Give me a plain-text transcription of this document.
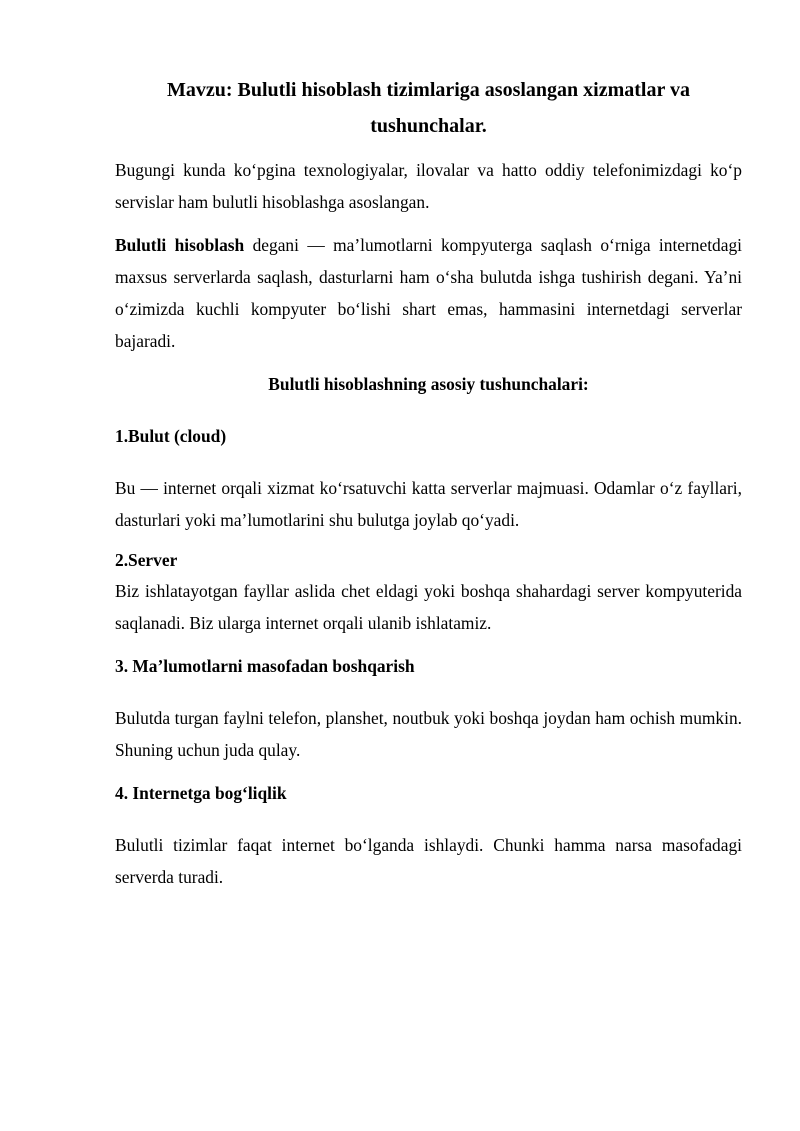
Mavzu: Bulutli hisoblash tizimlariga asoslangan xizmatlar va
tushunchalar.

Bugungi kunda ko‘pgina texnologiyalar, ilovalar va hatto oddiy telefonimizdagi ko‘p servislar ham bulutli hisoblashga asoslangan.

Bulutli hisoblash degani — ma’lumotlarni kompyuterga saqlash o‘rniga internetdagi maxsus serverlarda saqlash, dasturlarni ham o‘sha bulutda ishga tushirish degani. Ya’ni o‘zimizda kuchli kompyuter bo‘lishi shart emas, hammasini internetdagi serverlar bajaradi.

Bulutli hisoblashning asosiy tushunchalari:
1.Bulut (cloud)

Bu — internet orqali xizmat ko‘rsatuvchi katta serverlar majmuasi. Odamlar o‘z fayllari, dasturlari yoki ma’lumotlarini shu bulutga joylab qo‘yadi.

2.Server

Biz ishlatayotgan fayllar aslida chet eldagi yoki boshqa shahardagi server kompyuterida saqlanadi. Biz ularga internet orqali ulanib ishlatamiz.

3. Ma’lumotlarni masofadan boshqarish

Bulutda turgan faylni telefon, planshet, noutbuk yoki boshqa joydan ham ochish mumkin. Shuning uchun juda qulay.

4. Internetga bog‘liqlik

Bulutli tizimlar faqat internet bo‘lganda ishlaydi. Chunki hamma narsa masofadagi serverda turadi.
